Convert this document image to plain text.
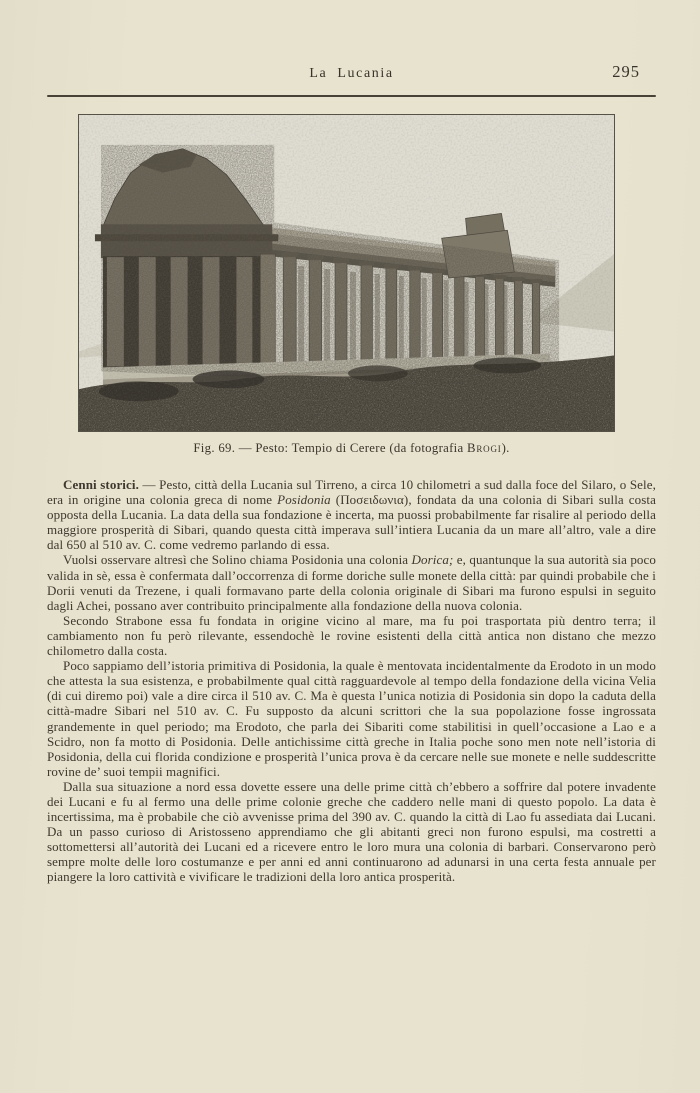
La Lucania	295
Fig. 69. — Pesto: Tempio di Cerere (da fotografia Brogi).

Cenni storici. — Pesto, città della Lucania sul Tirreno, a circa 10 chilometri a sud dalla foce del Silaro, o Sele, era in origine una colonia greca di nome Posidonia (Ποσειδωνια), fondata da una colonia di Sibari sulla costa opposta della Lucania. La data della sua fondazione è incerta, ma puossi probabilmente far risalire al periodo della maggiore prosperità di Sibari, quando questa città imperava sull’intiera Lucania da un mare all’altro, vale a dire dal 650 al 510 av. C. come vedremo parlando di essa.

Vuolsi osservare altresì che Solino chiama Posidonia una colonia Dorica; e, quantunque la sua autorità sia poco valida in sè, essa è confermata dall’occorrenza di forme doriche sulle monete della città: par quindi probabile che i Dorii venuti da Trezene, i quali formavano parte della colonia originale di Sibari ma furono espulsi in seguito dagli Achei, possano aver contribuito principalmente alla fondazione della nuova colonia.

Secondo Strabone essa fu fondata in origine vicino al mare, ma fu poi trasportata più dentro terra; il cambiamento non fu però rilevante, essendochè le rovine esistenti della città antica non distano che mezzo chilometro dalla costa.

Poco sappiamo dell’istoria primitiva di Posidonia, la quale è mentovata incidentalmente da Erodoto in un modo che attesta la sua esistenza, e probabilmente qual città ragguardevole al tempo della fondazione della vicina Velia (di cui diremo poi) vale a dire circa il 510 av. C. Ma è questa l’unica notizia di Posidonia sin dopo la caduta della città-madre Sibari nel 510 av. C. Fu supposto da alcuni scrittori che la sua popolazione fosse ingrossata grandemente in quel periodo; ma Erodoto, che parla dei Sibariti come stabilitisi in quell’occasione a Lao e a Scidro, non fa motto di Posidonia. Delle antichissime città greche in Italia poche sono men note nell’istoria di Posidonia, della cui florida condizione e prosperità l’unica prova è da cercare nelle sue monete e nelle suddescritte rovine de’ suoi tempii magnifici.

Dalla sua situazione a nord essa dovette essere una delle prime città ch’ebbero a soffrire dal potere invadente dei Lucani e fu al fermo una delle prime colonie greche che caddero nelle mani di questo popolo. La data è incertissima, ma è probabile che ciò avvenisse prima del 390 av. C. quando la città di Lao fu assediata dai Lucani. Da un passo curioso di Aristosseno apprendiamo che gli abitanti greci non furono espulsi, ma costretti a sottomettersi all’autorità dei Lucani ed a ricevere entro le loro mura una colonia di barbari. Conservarono però sempre molte delle loro costumanze e per anni ed anni continuarono ad adunarsi in una certa festa annuale per piangere la loro cattività e vivificare le tradizioni della loro antica prosperità.
